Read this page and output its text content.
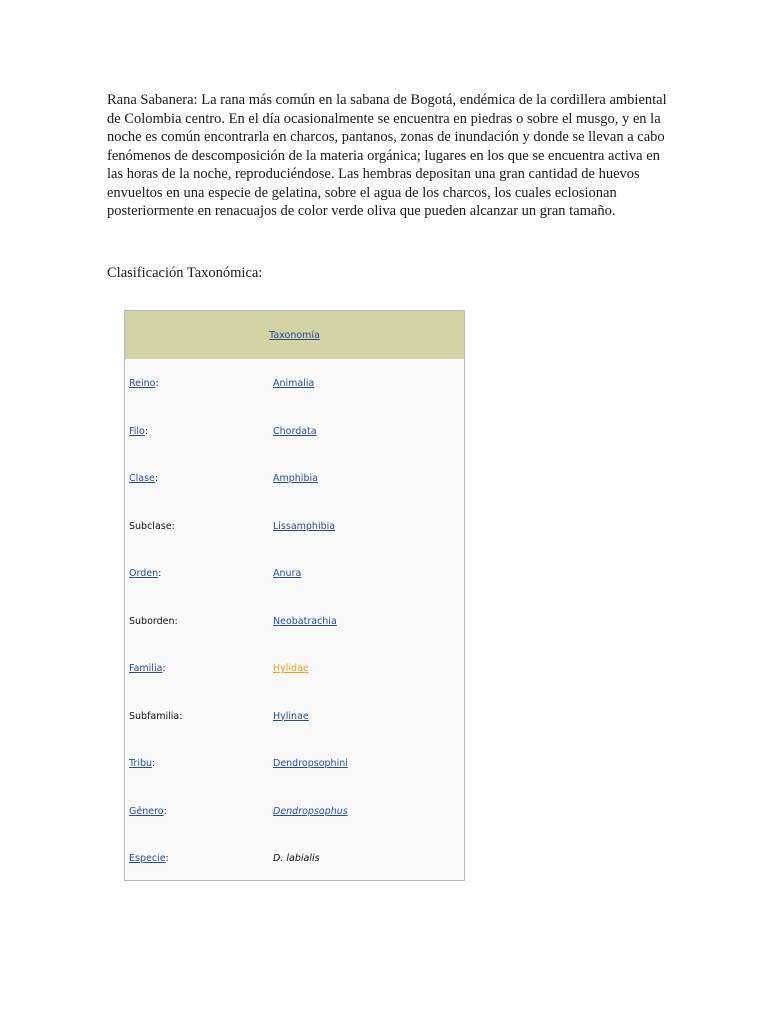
Rana Sabanera: La rana más común en la sabana de Bogotá, endémica de la cordillera ambiental de Colombia centro. En el día ocasionalmente se encuentra en piedras o sobre el musgo, y en la noche es común encontrarla en charcos, pantanos, zonas de inundación y donde se llevan a cabo fenómenos de descomposición de la materia orgánica; lugares en los que se encuentra activa en las horas de la noche, reproduciéndose. Las hembras depositan una gran cantidad de huevos envueltos en una especie de gelatina, sobre el agua de los charcos, los cuales eclosionan posteriormente en renacuajos de color verde oliva que pueden alcanzar un gran tamaño.

Clasificación Taxonómica:

Taxonomía
Reino:	Animalia
Filo:	Chordata
Clase:	Amphibia
Subclase:	Lissamphibia
Orden:	Anura
Suborden:	Neobatrachia
Familia:	Hylidae
Subfamilia:	Hylinae
Tribu:	Dendropsophini
Género:	Dendropsophus
Especie:	D. labialis
